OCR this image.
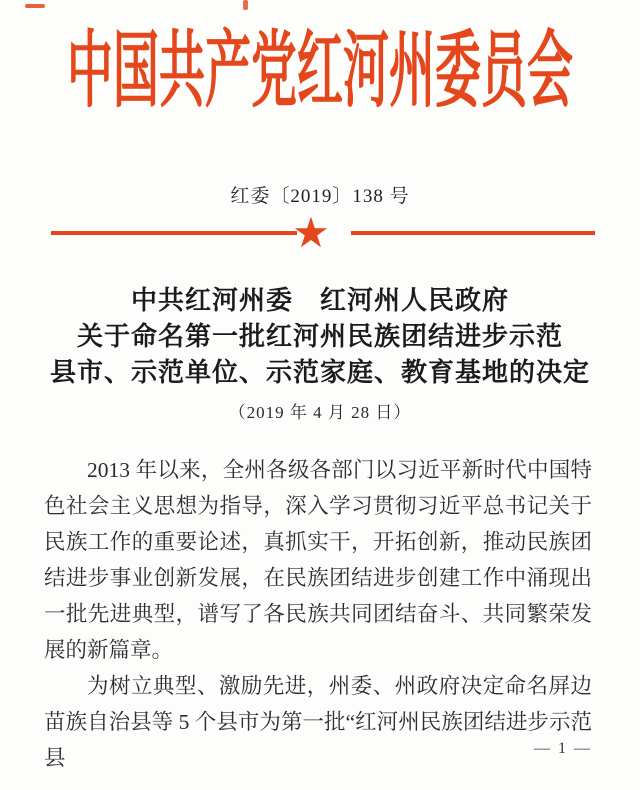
中国共产党红河州委员会
红委〔2019〕138 号
★
中共红河州委　红河州人民政府
关于命名第一批红河州民族团结进步示范
县市、示范单位、示范家庭、教育基地的决定
（2019 年 4 月 28 日）

2013 年以来，全州各级各部门以习近平新时代中国特色社会主义思想为指导，深入学习贯彻习近平总书记关于民族工作的重要论述，真抓实干，开拓创新，推动民族团结进步事业创新发展，在民族团结进步创建工作中涌现出一批先进典型，谱写了各民族共同团结奋斗、共同繁荣发展的新篇章。

为树立典型、激励先进，州委、州政府决定命名屏边苗族自治县等 5 个县市为第一批“红河州民族团结进步示范县	— 1 —
